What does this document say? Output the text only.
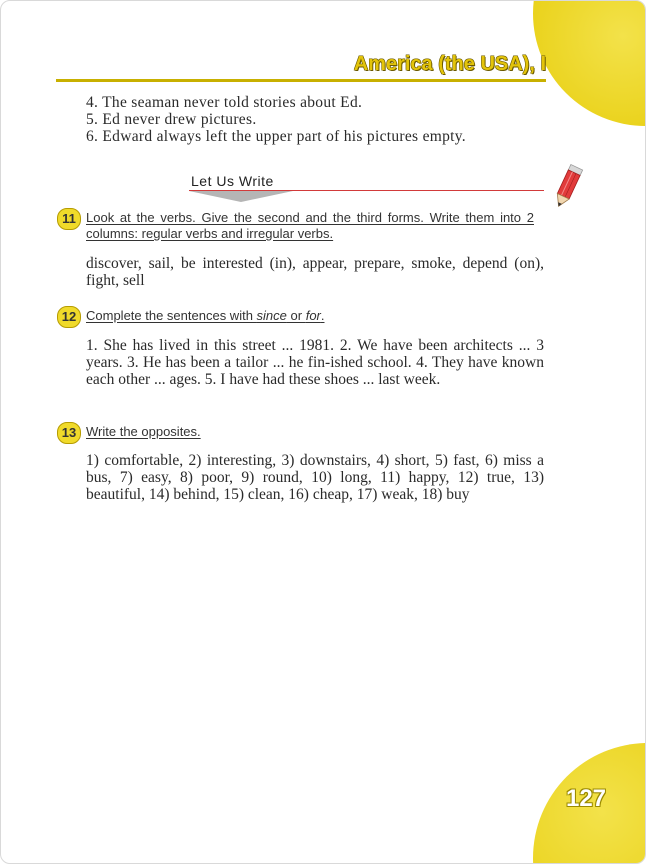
America (the USA), I

4. The seaman never told stories about Ed.

5. Ed never drew pictures.

6. Edward always left the upper part of his pictures empty.

Let Us Write
11 Look at the verbs. Give the second and the third forms. Write them into 2 columns: regular verbs and irregular verbs.
discover, sail, be interested (in), appear, prepare, smoke, depend (on), fight, sell
12 Complete the sentences with since or for.
1. She has lived in this street ... 1981. 2. We have been architects ... 3 years. 3. He has been a tailor ... he fin-ished school. 4. They have known each other ... ages. 5. I have had these shoes ... last week.
13 Write the opposites.
1) comfortable, 2) interesting, 3) downstairs, 4) short, 5) fast, 6) miss a bus, 7) easy, 8) poor, 9) round, 10) long, 11) happy, 12) true, 13) beautiful, 14) behind, 15) clean, 16) cheap, 17) weak, 18) buy
127
